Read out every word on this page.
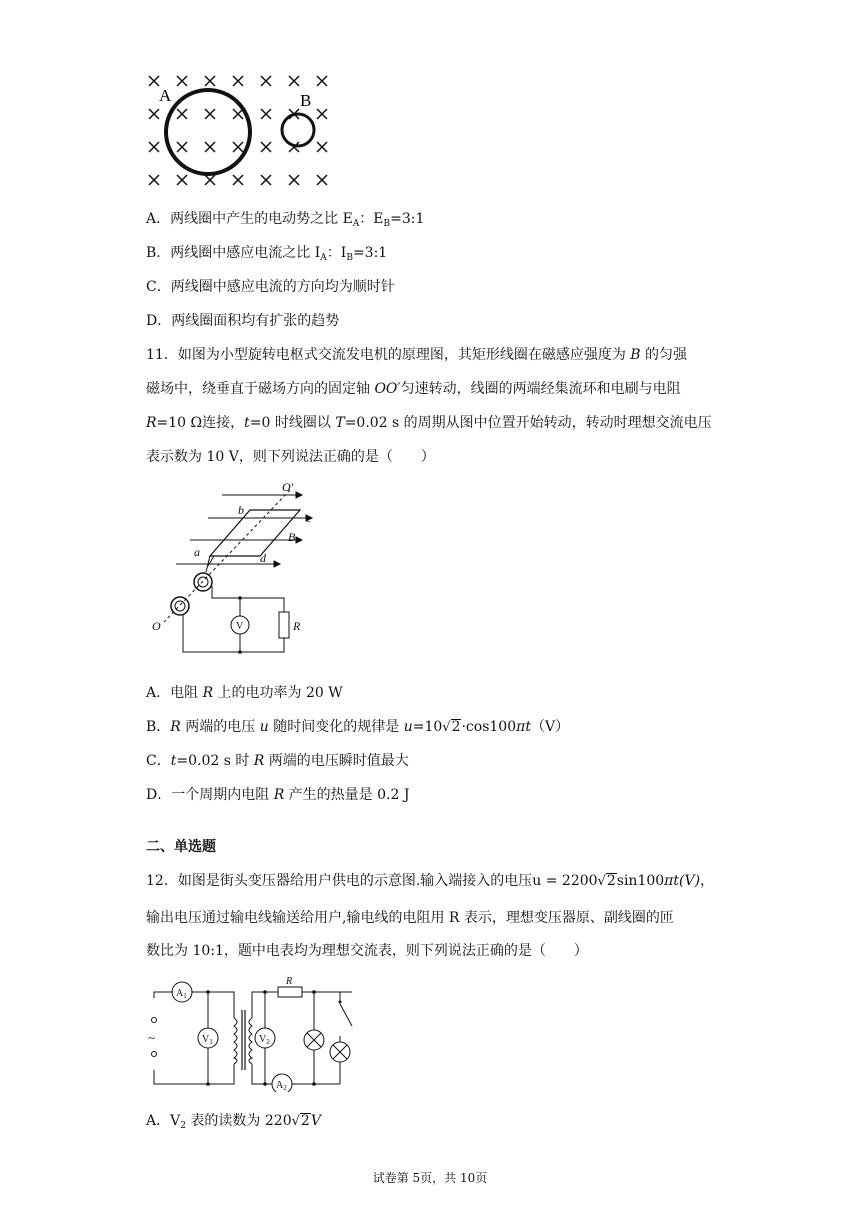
A	B
A．两线圈中产生的电动势之比 $E_A$：$E_B=3:1$
B．两线圈中感应电流之比 $I_A$：$I_B=3:1$
C．两线圈中感应电流的方向均为顺时针
D．两线圈面积均有扩张的趋势
11．如图为小型旋转电枢式交流发电机的原理图，其矩形线圈在磁感应强度为 B 的匀强
磁场中，绕垂直于磁场方向的固定轴 OO′匀速转动，线圈的两端经集流环和电刷与电阻
R=10 Ω连接，t=0 时线圈以 T=0.02 s 的周期从图中位置开始转动，转动时理想交流电压
表示数为 10 V，则下列说法正确的是（　　）
O′
b
c
B
a	d
O	R
V
A．电阻 R 上的电功率为 20 W
B．R 两端的电压 u 随时间变化的规律是 u=10√2·cos100πt（V）
C．t=0.02 s 时 R 两端的电压瞬时值最大
D．一个周期内电阻 R 产生的热量是 0.2 J
二、单选题
12．如图是街头变压器给用户供电的示意图.输入端接入的电压u = 2200√2sin100πt(V)，
输出电压通过输电线输送给用户,输电线的电阻用 R 表示，理想变压器原、副线圈的匝
数比为 10:1，题中电表均为理想交流表，则下列说法正确的是（　　）
$A_1$
$V_1$	$V_2$
$A_2$
R
~
A．$V_2$ 表的读数为 220√2V
试卷第 5页，共 10页
